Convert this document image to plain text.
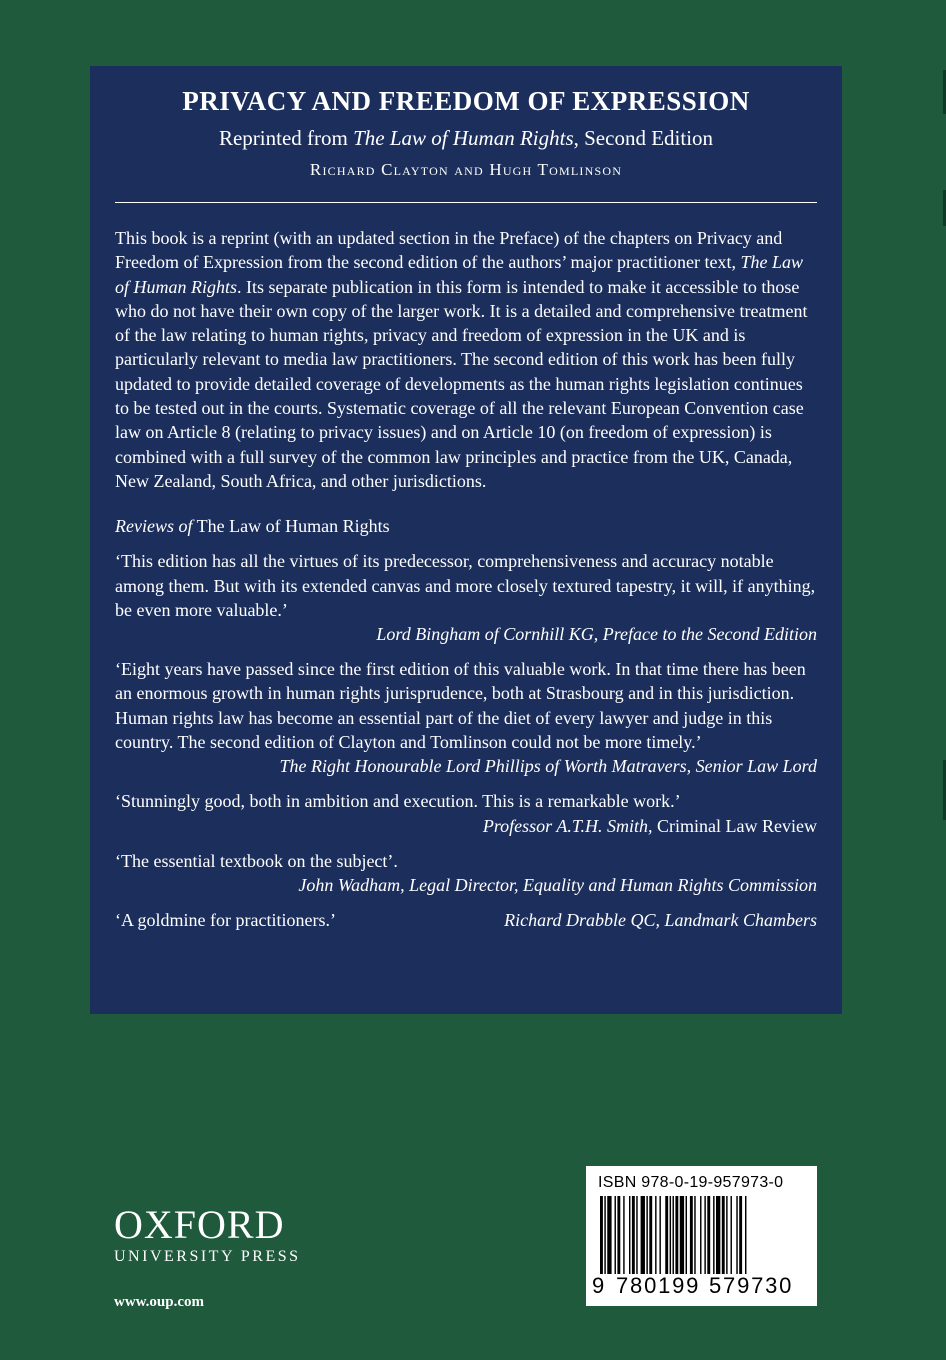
PRIVACY AND FREEDOM OF EXPRESSION

Reprinted from The Law of Human Rights, Second Edition

Richard Clayton and Hugh Tomlinson

This book is a reprint (with an updated section in the Preface) of the chapters on Privacy and Freedom of Expression from the second edition of the authors’ major practitioner text, The Law of Human Rights. Its separate publication in this form is intended to make it accessible to those who do not have their own copy of the larger work. It is a detailed and comprehensive treatment of the law relating to human rights, privacy and freedom of expression in the UK and is particularly relevant to media law practitioners. The second edition of this work has been fully updated to provide detailed coverage of developments as the human rights legislation continues to be tested out in the courts. Systematic coverage of all the relevant European Convention case law on Article 8 (relating to privacy issues) and on Article 10 (on freedom of expression) is combined with a full survey of the common law principles and practice from the UK, Canada, New Zealand, South Africa, and other jurisdictions.

Reviews of The Law of Human Rights

‘This edition has all the virtues of its predecessor, comprehensiveness and accuracy notable among them. But with its extended canvas and more closely textured tapestry, it will, if anything, be even more valuable.’

Lord Bingham of Cornhill KG, Preface to the Second Edition

‘Eight years have passed since the first edition of this valuable work. In that time there has been an enormous growth in human rights jurisprudence, both at Strasbourg and in this jurisdiction. Human rights law has become an essential part of the diet of every lawyer and judge in this country. The second edition of Clayton and Tomlinson could not be more timely.’

The Right Honourable Lord Phillips of Worth Matravers, Senior Law Lord

‘Stunningly good, both in ambition and execution. This is a remarkable work.’

Professor A.T.H. Smith, Criminal Law Review

‘The essential textbook on the subject’.

John Wadham, Legal Director, Equality and Human Rights Commission

‘A goldmine for practitioners.’	Richard Drabble QC, Landmark Chambers
OXFORD
UNIVERSITY PRESS
www.oup.com
ISBN 978-0-19-957973-0
9 780199 579730
